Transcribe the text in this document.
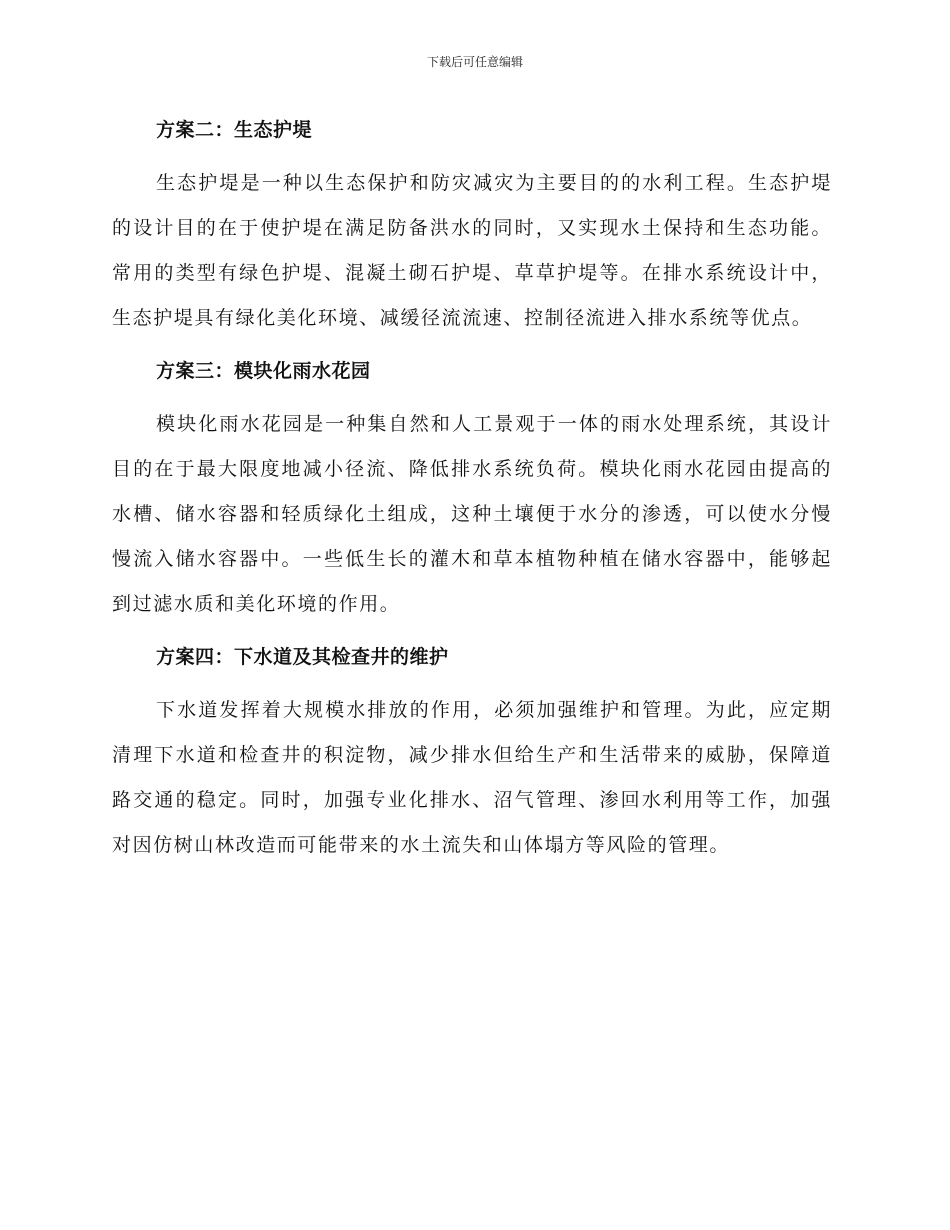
下载后可任意编辑
方案二：生态护堤

生态护堤是一种以生态保护和防灾减灾为主要目的的水利工程。生态护堤的设计目的在于使护堤在满足防备洪水的同时，又实现水土保持和生态功能。常用的类型有绿色护堤、混凝土砌石护堤、草草护堤等。在排水系统设计中，生态护堤具有绿化美化环境、减缓径流流速、控制径流进入排水系统等优点。

方案三：模块化雨水花园

模块化雨水花园是一种集自然和人工景观于一体的雨水处理系统，其设计目的在于最大限度地减小径流、降低排水系统负荷。模块化雨水花园由提高的水槽、储水容器和轻质绿化土组成，这种土壤便于水分的渗透，可以使水分慢慢流入储水容器中。一些低生长的灌木和草本植物种植在储水容器中，能够起到过滤水质和美化环境的作用。

方案四：下水道及其检查井的维护

下水道发挥着大规模水排放的作用，必须加强维护和管理。为此，应定期清理下水道和检查井的积淀物，减少排水但给生产和生活带来的威胁，保障道路交通的稳定。同时，加强专业化排水、沼气管理、渗回水利用等工作，加强对因仿树山林改造而可能带来的水土流失和山体塌方等风险的管理。
